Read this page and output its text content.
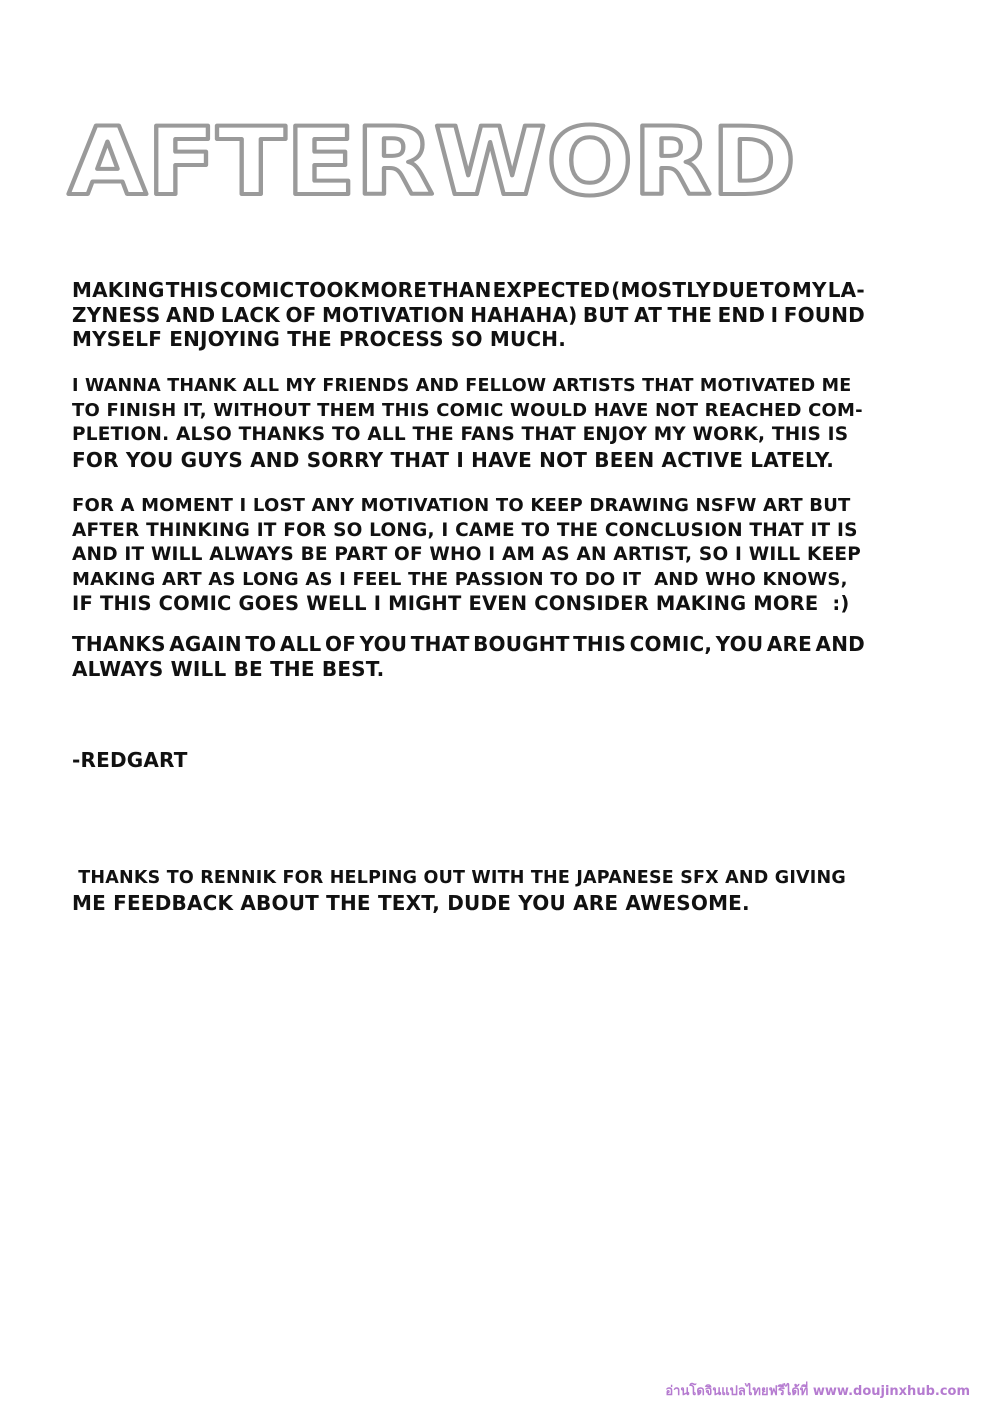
AFTERWORD
MAKING THIS COMIC TOOK MORE THAN EXPECTED (MOSTLY DUE TO MY LA-
ZYNESS AND LACK OF MOTIVATION HAHAHA) BUT AT THE END I FOUND
MYSELF ENJOYING THE PROCESS SO MUCH.
I WANNA THANK ALL MY FRIENDS AND FELLOW ARTISTS THAT MOTIVATED ME
TO FINISH IT, WITHOUT THEM THIS COMIC WOULD HAVE NOT REACHED COM-
PLETION. ALSO THANKS TO ALL THE FANS THAT ENJOY MY WORK, THIS IS
FOR YOU GUYS AND SORRY THAT I HAVE NOT BEEN ACTIVE LATELY.
FOR A MOMENT I LOST ANY MOTIVATION TO KEEP DRAWING NSFW ART BUT
AFTER THINKING IT FOR SO LONG, I CAME TO THE CONCLUSION THAT IT IS
AND IT WILL ALWAYS BE PART OF WHO I AM AS AN ARTIST, SO I WILL KEEP
MAKING ART AS LONG AS I FEEL THE PASSION TO DO IT  AND WHO KNOWS,
IF THIS COMIC GOES WELL I MIGHT EVEN CONSIDER MAKING MORE  :)
THANKS AGAIN TO ALL OF YOU THAT BOUGHT THIS COMIC, YOU ARE AND
ALWAYS WILL BE THE BEST.
-REDGART
THANKS TO RENNIK FOR HELPING OUT WITH THE JAPANESE SFX AND GIVING
ME FEEDBACK ABOUT THE TEXT, DUDE YOU ARE AWESOME.
อ่านโดจินแปลไทยฟรีได้ที่ www.doujinxhub.com
